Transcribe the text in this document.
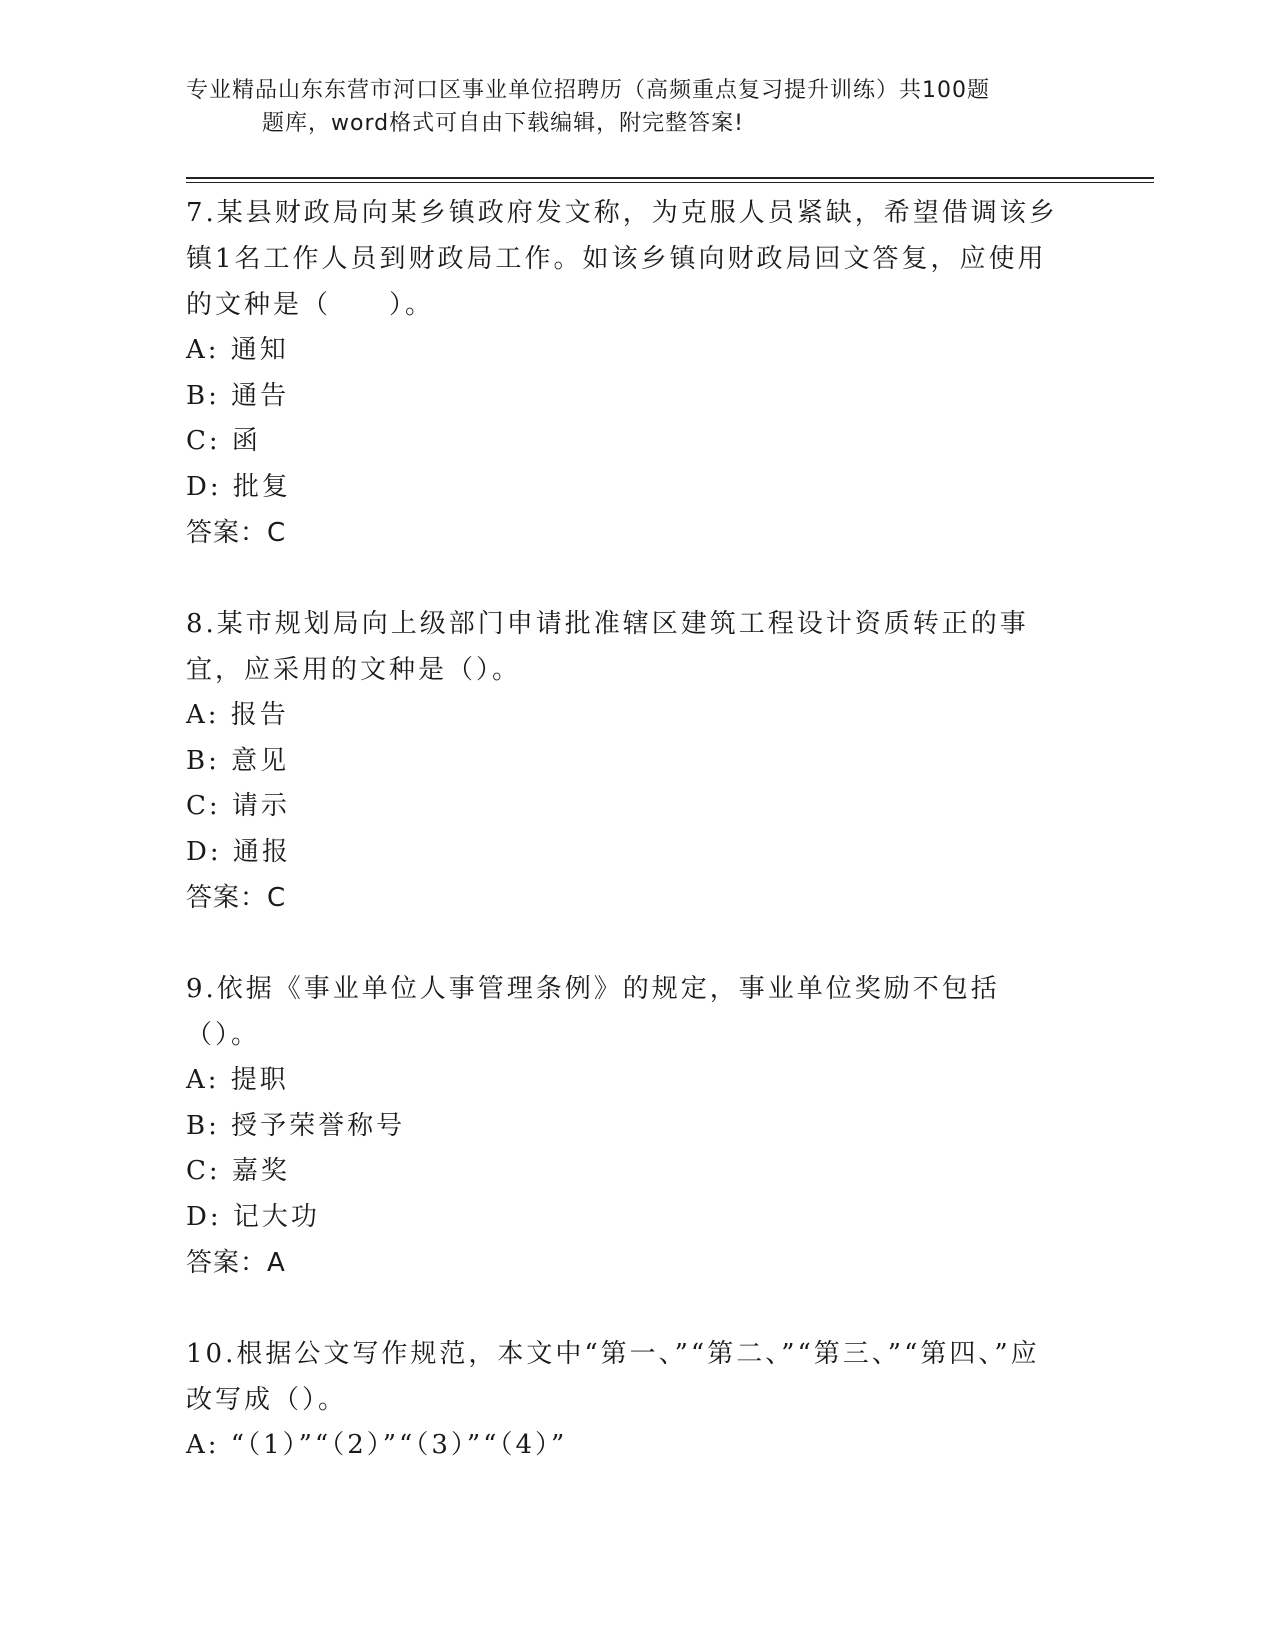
专业精品山东东营市河口区事业单位招聘历（高频重点复习提升训练）共100题
题库，word格式可自由下载编辑，附完整答案!
7.某县财政局向某乡镇政府发文称，为克服人员紧缺，希望借调该乡镇1名工作人员到财政局工作。如该乡镇向财政局回文答复，应使用的文种是（　　）。
A: 通知
B: 通告
C: 函
D: 批复
答案：C
8.某市规划局向上级部门申请批准辖区建筑工程设计资质转正的事宜，应采用的文种是（）。
A: 报告
B: 意见
C: 请示
D: 通报
答案：C
9.依据《事业单位人事管理条例》的规定，事业单位奖励不包括（）。
A: 提职
B: 授予荣誉称号
C: 嘉奖
D: 记大功
答案：A
10.根据公文写作规范，本文中“第一、”“第二、”“第三、”“第四、”应改写成（）。
A: “（1）”“（2）”“（3）”“（4）”
